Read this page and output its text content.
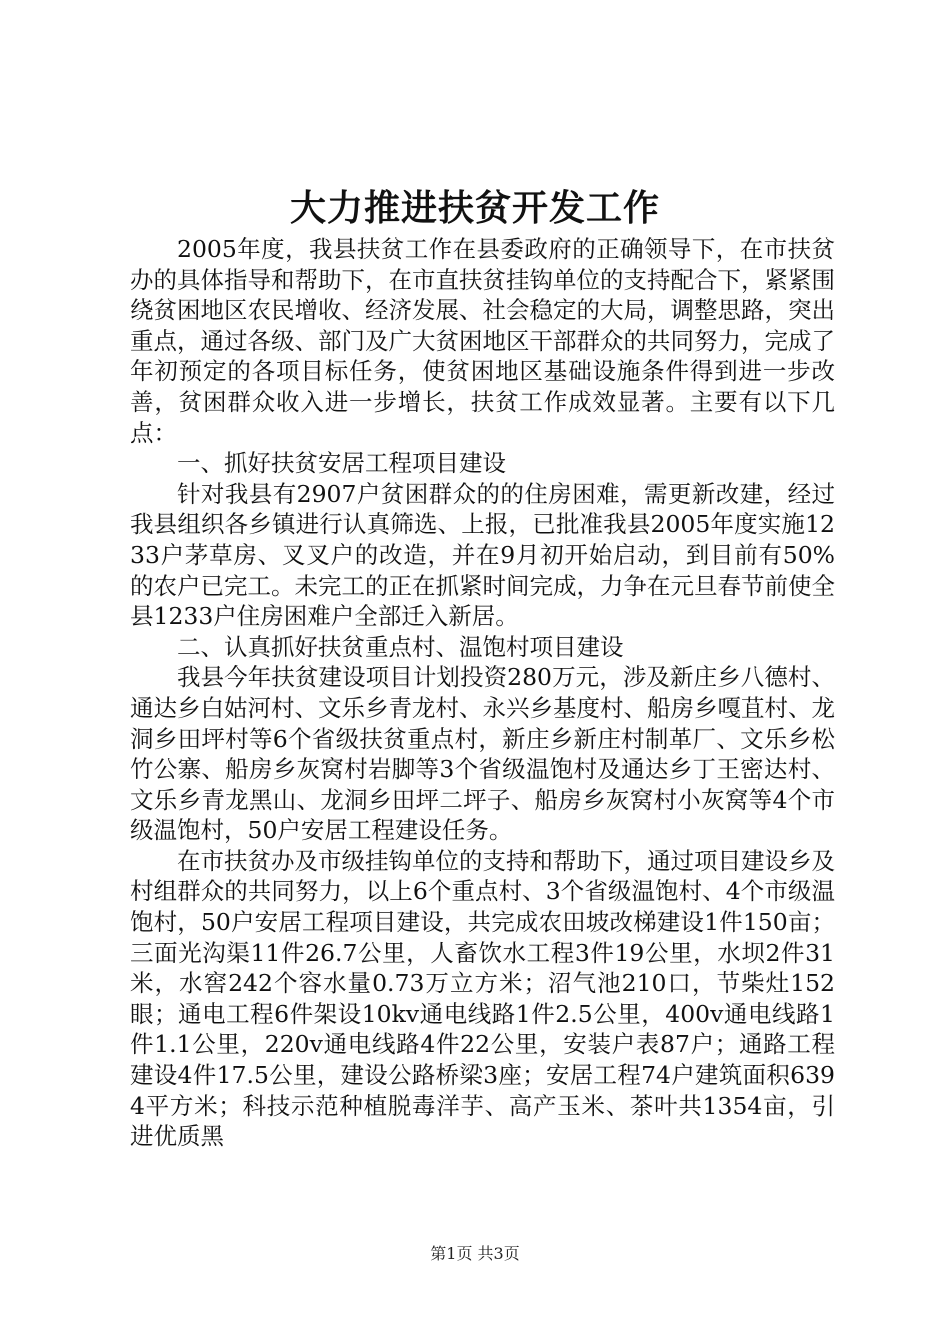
大力推进扶贫开发工作

2005年度，我县扶贫工作在县委政府的正确领导下，在市扶贫办的具体指导和帮助下，在市直扶贫挂钩单位的支持配合下，紧紧围绕贫困地区农民增收、经济发展、社会稳定的大局，调整思路，突出重点，通过各级、部门及广大贫困地区干部群众的共同努力，完成了年初预定的各项目标任务，使贫困地区基础设施条件得到进一步改善，贫困群众收入进一步增长，扶贫工作成效显著。主要有以下几点：

一、抓好扶贫安居工程项目建设

针对我县有2907户贫困群众的的住房困难，需更新改建，经过我县组织各乡镇进行认真筛选、上报，已批准我县2005年度实施1233户茅草房、叉叉户的改造，并在9月初开始启动，到目前有50%的农户已完工。未完工的正在抓紧时间完成，力争在元旦春节前使全县1233户住房困难户全部迁入新居。

二、认真抓好扶贫重点村、温饱村项目建设

我县今年扶贫建设项目计划投资280万元，涉及新庄乡八德村、通达乡白姑河村、文乐乡青龙村、永兴乡基度村、船房乡嘎苴村、龙洞乡田坪村等6个省级扶贫重点村，新庄乡新庄村制革厂、文乐乡松竹公寨、船房乡灰窝村岩脚等3个省级温饱村及通达乡丁王密达村、文乐乡青龙黑山、龙洞乡田坪二坪子、船房乡灰窝村小灰窝等4个市级温饱村，50户安居工程建设任务。

在市扶贫办及市级挂钩单位的支持和帮助下，通过项目建设乡及村组群众的共同努力，以上6个重点村、3个省级温饱村、4个市级温饱村，50户安居工程项目建设，共完成农田坡改梯建设1件150亩；三面光沟渠11件26.7公里，人畜饮水工程3件19公里，水坝2件31米，水窖242个容水量0.73万立方米；沼气池210口，节柴灶152眼；通电工程6件架设10kv通电线路1件2.5公里，400v通电线路1件1.1公里，220v通电线路4件22公里，安装户表87户；通路工程建设4件17.5公里，建设公路桥梁3座；安居工程74户建筑面积6394平方米；科技示范种植脱毒洋芋、高产玉米、茶叶共1354亩，引进优质黑

第1页 共3页
